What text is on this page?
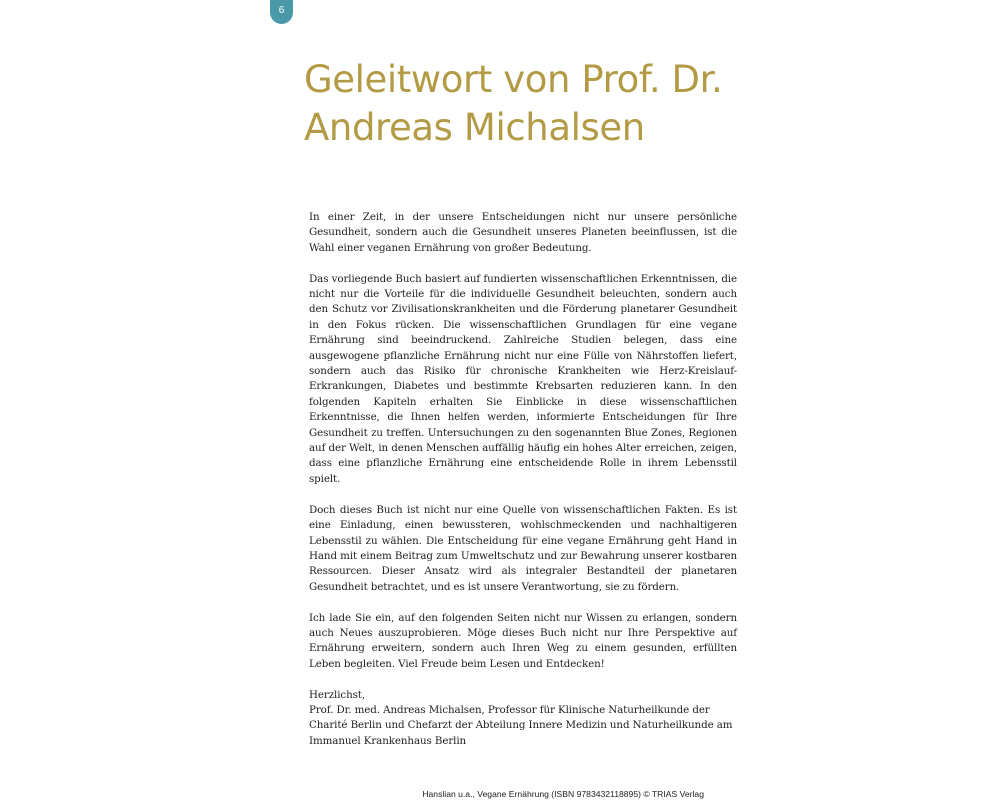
6
Geleitwort von Prof. Dr.
Andreas Michalsen

In einer Zeit, in der unsere Entscheidungen nicht nur unsere persönliche Gesundheit, sondern auch die Gesundheit unseres Planeten beeinflussen, ist die Wahl einer veganen Ernährung von großer Bedeutung.

Das vorliegende Buch basiert auf fundierten wissenschaftlichen Erkenntnissen, die nicht nur die Vorteile für die individuelle Gesundheit beleuchten, sondern auch den Schutz vor Zivilisationskrankheiten und die Förderung planetarer Gesundheit in den Fokus rücken. Die wissenschaftlichen Grundlagen für eine vegane Ernährung sind beeindruckend. Zahlreiche Studien belegen, dass eine ausgewogene pflanzliche Ernährung nicht nur eine Fülle von Nährstoffen liefert, sondern auch das Risiko für chronische Krankheiten wie Herz-Kreislauf-Erkrankungen, Diabetes und bestimmte Krebsarten reduzieren kann. In den folgenden Kapiteln erhalten Sie Einblicke in diese wissenschaftlichen Erkenntnisse, die Ihnen helfen werden, informierte Entscheidungen für Ihre Gesundheit zu treffen. Untersuchungen zu den sogenannten Blue Zones, Regionen auf der Welt, in denen Menschen auffällig häufig ein hohes Alter erreichen, zeigen, dass eine pflanzliche Ernährung eine entscheidende Rolle in ihrem Lebensstil spielt.

Doch dieses Buch ist nicht nur eine Quelle von wissenschaftlichen Fakten. Es ist eine Einladung, einen bewussteren, wohlschmeckenden und nachhaltigeren Lebensstil zu wählen. Die Entscheidung für eine vegane Ernährung geht Hand in Hand mit einem Beitrag zum Umweltschutz und zur Bewahrung unserer kostbaren Ressourcen. Dieser Ansatz wird als integraler Bestandteil der planetaren Gesundheit betrachtet, und es ist unsere Verantwortung, sie zu fördern.

Ich lade Sie ein, auf den folgenden Seiten nicht nur Wissen zu erlangen, sondern auch Neues auszuprobieren. Möge dieses Buch nicht nur Ihre Perspektive auf Ernährung erweitern, sondern auch Ihren Weg zu einem gesunden, erfüllten Leben begleiten. Viel Freude beim Lesen und Entdecken!

Herzlichst,

Prof. Dr. med. Andreas Michalsen, Professor für Klinische Naturheilkunde der Charité Berlin und Chefarzt der Abteilung Innere Medizin und Naturheilkunde am Immanuel Krankenhaus Berlin

Hanslian u.a., Vegane Ernährung (ISBN 9783432118895) © TRIAS Verlag
